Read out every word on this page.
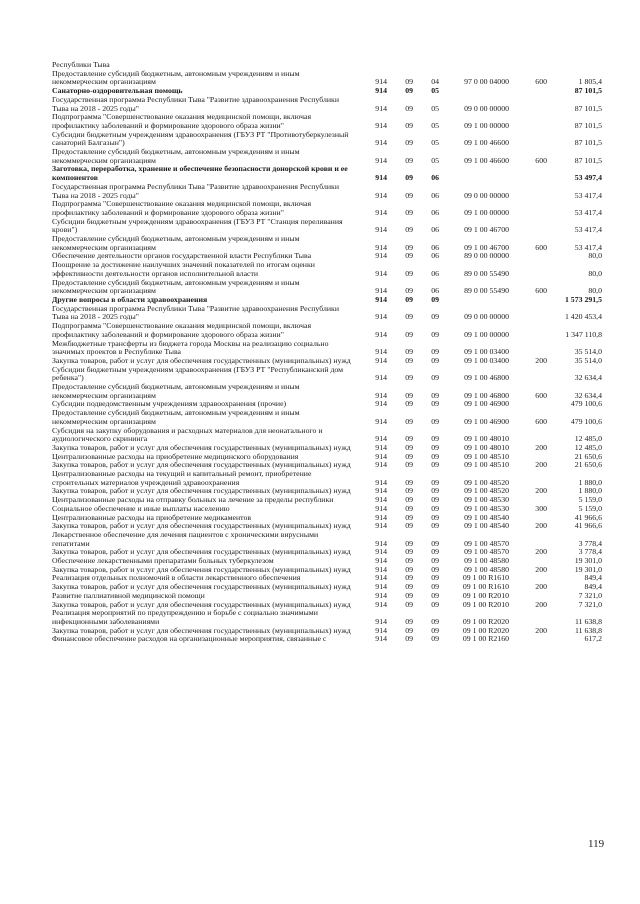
Республики Тыва
Предоставление субсидий бюджетным, автономным учреждениям и иным некоммерческим организациям	914	09	04	97 0 00 04000	600	1 805,4
Санаторно-оздоровительная помощь	914	09	05	87 101,5
Государственная программа Республики Тыва "Развитие здравоохранения Республики Тыва на 2018 - 2025 годы"	914	09	05	09 0 00 00000	87 101,5
Подпрограмма "Совершенствование оказания медицинской помощи, включая профилактику заболеваний и формирование здорового образа жизни"	914	09	05	09 1 00 00000	87 101,5
Субсидии бюджетным учреждениям здравоохранения (ГБУЗ РТ "Противотуберкулезный санаторий Балгазын")	914	09	05	09 1 00 46600	87 101,5
Предоставление субсидий бюджетным, автономным учреждениям и иным некоммерческим организациям	914	09	05	09 1 00 46600	600	87 101,5
Заготовка, переработка, хранение и обеспечение безопасности донорской крови и ее компонентов	914	09	06	53 497,4
Государственная программа Республики Тыва "Развитие здравоохранения Республики Тыва на 2018 - 2025 годы"	914	09	06	09 0 00 00000	53 417,4
Подпрограмма "Совершенствование оказания медицинской помощи, включая профилактику заболеваний и формирование здорового образа жизни"	914	09	06	09 1 00 00000	53 417,4
Субсидии бюджетным учреждениям здравоохранения (ГБУЗ РТ "Станция переливания крови")	914	09	06	09 1 00 46700	53 417,4
Предоставление субсидий бюджетным, автономным учреждениям и иным некоммерческим организациям	914	09	06	09 1 00 46700	600	53 417,4
Обеспечение деятельности органов государственной власти Республики Тыва	914	09	06	89 0 00 00000	80,0
Поощрение за достижение наилучших значений показателей по итогам оценки эффективности деятельности органов исполнительной власти	914	09	06	89 0 00 55490	80,0
Предоставление субсидий бюджетным, автономным учреждениям и иным некоммерческим организациям	914	09	06	89 0 00 55490	600	80,0
Другие вопросы в области здравоохранения	914	09	09	1 573 291,5
Государственная программа Республики Тыва "Развитие здравоохранения Республики Тыва на 2018 - 2025 годы"	914	09	09	09 0 00 00000	1 420 453,4
Подпрограмма "Совершенствование оказания медицинской помощи, включая профилактику заболеваний и формирование здорового образа жизни"	914	09	09	09 1 00 00000	1 347 110,8
Межбюджетные трансферты из бюджета города Москвы на реализацию социально значимых проектов в Республике Тыва	914	09	09	09 1 00 03400	35 514,0
Закупка товаров, работ и услуг для обеспечения государственных (муниципальных) нужд	914	09	09	09 1 00 03400	200	35 514,0
Субсидии бюджетным учреждениям здравоохранения (ГБУЗ РТ "Республиканский дом ребенка")	914	09	09	09 1 00 46800	32 634,4
Предоставление субсидий бюджетным, автономным учреждениям и иным некоммерческим организациям	914	09	09	09 1 00 46800	600	32 634,4
Субсидии подведомственным учреждениям здравоохранения (прочие)	914	09	09	09 1 00 46900	479 100,6
Предоставление субсидий бюджетным, автономным учреждениям и иным некоммерческим организациям	914	09	09	09 1 00 46900	600	479 100,6
Субсидия на закупку оборудования и расходных материалов для неонатального и аудиологического скрининга	914	09	09	09 1 00 48010	12 485,0
Закупка товаров, работ и услуг для обеспечения государственных (муниципальных) нужд	914	09	09	09 1 00 48010	200	12 485,0
Централизованные расходы на приобретение медицинского оборудования	914	09	09	09 1 00 48510	21 650,6
Закупка товаров, работ и услуг для обеспечения государственных (муниципальных) нужд	914	09	09	09 1 00 48510	200	21 650,6
Централизованные расходы на текущий и капитальный ремонт, приобретение строительных материалов учреждений здравоохранения	914	09	09	09 1 00 48520	1 880,0
Закупка товаров, работ и услуг для обеспечения государственных (муниципальных) нужд	914	09	09	09 1 00 48520	200	1 880,0
Централизованные расходы на отправку больных на лечение за пределы республики	914	09	09	09 1 00 48530	5 159,0
Социальное обеспечение и иные выплаты населению	914	09	09	09 1 00 48530	300	5 159,0
Централизованные расходы на приобретение медикаментов	914	09	09	09 1 00 48540	41 966,6
Закупка товаров, работ и услуг для обеспечения государственных (муниципальных) нужд	914	09	09	09 1 00 48540	200	41 966,6
Лекарственное обеспечение для лечения пациентов с хроническими вирусными гепатитами	914	09	09	09 1 00 48570	3 778,4
Закупка товаров, работ и услуг для обеспечения государственных (муниципальных) нужд	914	09	09	09 1 00 48570	200	3 778,4
Обеспечение лекарственными препаратами больных туберкулезом	914	09	09	09 1 00 48580	19 301,0
Закупка товаров, работ и услуг для обеспечения государственных (муниципальных) нужд	914	09	09	09 1 00 48580	200	19 301,0
Реализация отдельных полномочий в области лекарственного обеспечения	914	09	09	09 1 00 R1610	849,4
Закупка товаров, работ и услуг для обеспечения государственных (муниципальных) нужд	914	09	09	09 1 00 R1610	200	849,4
Развитие паллиативной медицинской помощи	914	09	09	09 1 00 R2010	7 321,0
Закупка товаров, работ и услуг для обеспечения государственных (муниципальных) нужд	914	09	09	09 1 00 R2010	200	7 321,0
Реализация мероприятий по предупреждению и борьбе с социально значимыми инфекционными заболеваниями	914	09	09	09 1 00 R2020	11 638,8
Закупка товаров, работ и услуг для обеспечения государственных (муниципальных) нужд	914	09	09	09 1 00 R2020	200	11 638,8
Финансовое обеспечение расходов на организационные мероприятия, связанные с	914	09	09	09 1 00 R2160	617,2
119
